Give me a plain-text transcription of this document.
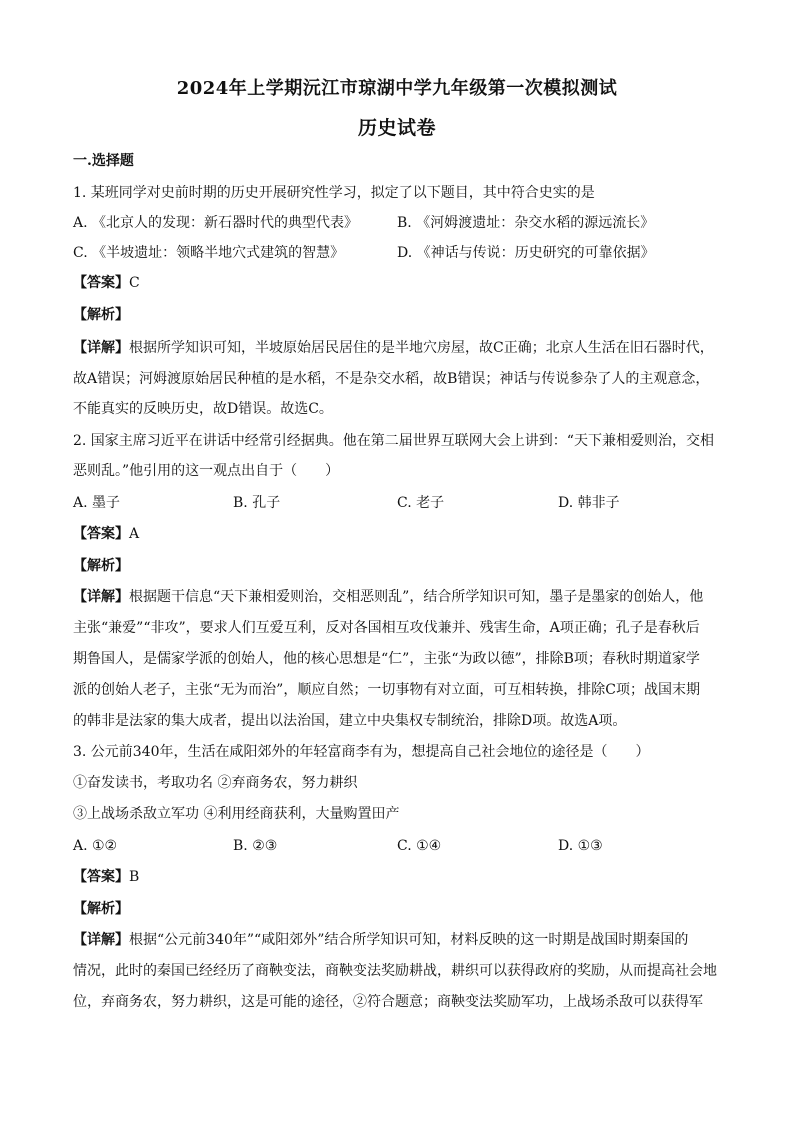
2024年上学期沅江市琼湖中学九年级第一次模拟测试
历史试卷
一.选择题
1. 某班同学对史前时期的历史开展研究性学习，拟定了以下题目，其中符合史实的是
A. 《北京人的发现：新石器时代的典型代表》	B. 《河姆渡遗址：杂交水稻的源远流长》
C. 《半坡遗址：领略半地穴式建筑的智慧》	D. 《神话与传说：历史研究的可靠依据》
【答案】C
【解析】
【详解】根据所学知识可知，半坡原始居民居住的是半地穴房屋，故C正确；北京人生活在旧石器时代，
故A错误；河姆渡原始居民种植的是水稻，不是杂交水稻，故B错误；神话与传说参杂了人的主观意念，
不能真实的反映历史，故D错误。故选C。
2. 国家主席习近平在讲话中经常引经据典。他在第二届世界互联网大会上讲到：“天下兼相爱则治，交相
恶则乱。”他引用的这一观点出自于（　　）
A. 墨子	B. 孔子	C. 老子	D. 韩非子
【答案】A
【解析】
【详解】根据题干信息“天下兼相爱则治，交相恶则乱”，结合所学知识可知，墨子是墨家的创始人，他
主张“兼爱”“非攻”，要求人们互爱互利，反对各国相互攻伐兼并、残害生命，A项正确；孔子是春秋后
期鲁国人，是儒家学派的创始人，他的核心思想是“仁”，主张“为政以德”，排除B项；春秋时期道家学
派的创始人老子，主张“无为而治”，顺应自然；一切事物有对立面，可互相转换，排除C项；战国末期
的韩非是法家的集大成者，提出以法治国，建立中央集权专制统治，排除D项。故选A项。
3. 公元前340年，生活在咸阳郊外的年轻富商李有为，想提高自己社会地位的途径是（　　）
①奋发读书，考取功名 ②弃商务农，努力耕织
③上战场杀敌立军功 ④利用经商获利，大量购置田产
A. ①②	B. ②③	C. ①④	D. ①③
【答案】B
【解析】
【详解】根据“公元前340年”“咸阳郊外”结合所学知识可知，材料反映的这一时期是战国时期秦国的
情况，此时的秦国已经经历了商鞅变法，商鞅变法奖励耕战，耕织可以获得政府的奖励，从而提高社会地
位，弃商务农，努力耕织，这是可能的途径，②符合题意；商鞅变法奖励军功，上战场杀敌可以获得军
